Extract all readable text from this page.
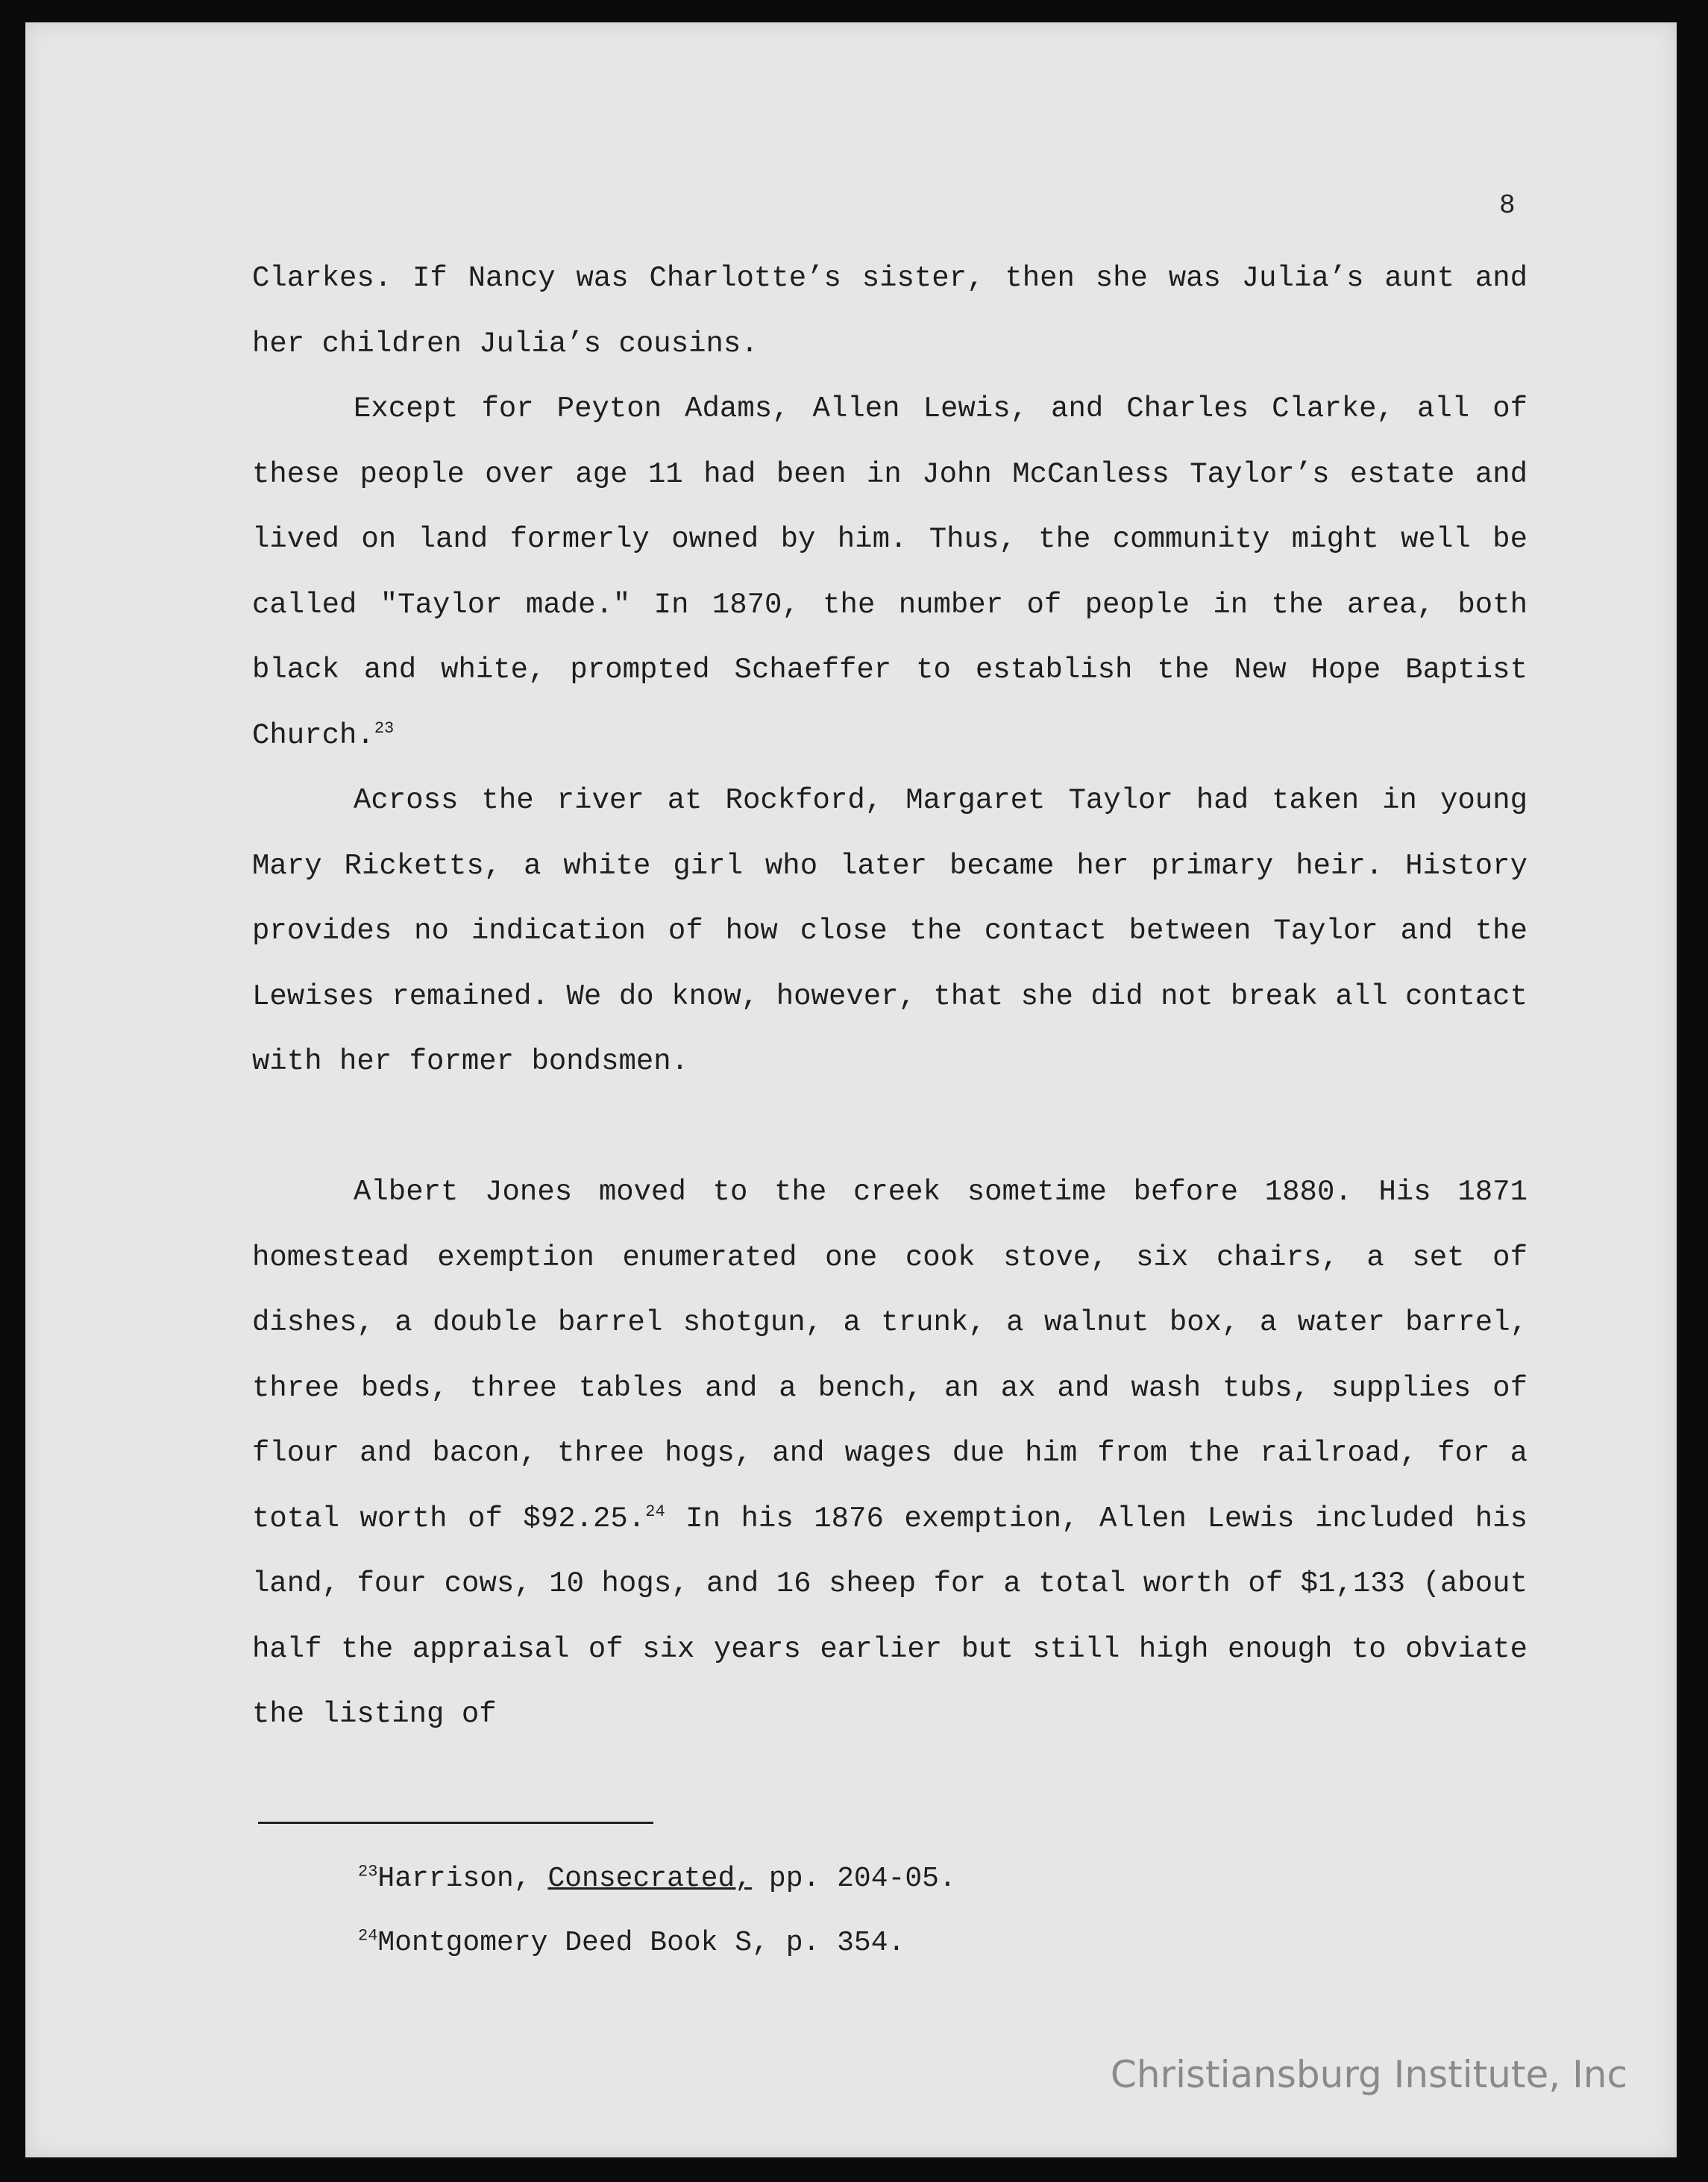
8

Clarkes. If Nancy was Charlotte’s sister, then she was Julia’s aunt and her children Julia’s cousins.

Except for Peyton Adams, Allen Lewis, and Charles Clarke, all of these people over age 11 had been in John McCanless Taylor’s estate and lived on land formerly owned by him. Thus, the community might well be called "Taylor made." In 1870, the number of people in the area, both black and white, prompted Schaeffer to establish the New Hope Baptist Church.$^{23}$

Across the river at Rockford, Margaret Taylor had taken in young Mary Ricketts, a white girl who later became her primary heir. History provides no indication of how close the contact between Taylor and the Lewises remained. We do know, however, that she did not break all contact with her former bondsmen.

Albert Jones moved to the creek sometime before 1880. His 1871 homestead exemption enumerated one cook stove, six chairs, a set of dishes, a double barrel shotgun, a trunk, a walnut box, a water barrel, three beds, three tables and a bench, an ax and wash tubs, supplies of flour and bacon, three hogs, and wages due him from the railroad, for a total worth of $92.25.24 In his 1876 exemption, Allen Lewis included his land, four cows, 10 hogs, and 16 sheep for a total worth of $1,133 (about half the appraisal of six years earlier but still high enough to obviate the listing of

$^{23}$Harrison, Consecrated, pp. 204-05.

$^{24}$Montgomery Deed Book S, p. 354.

Christiansburg Institute, Inc
